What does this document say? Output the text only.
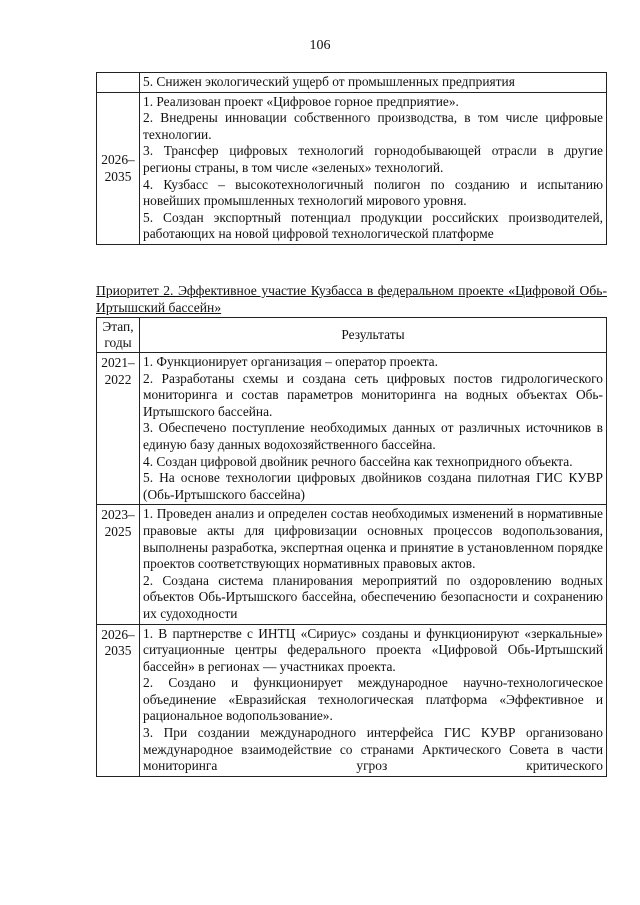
106

	5. Снижен экологический ущерб от промышленных предприятия

2026–2035	1. Реализован проект «Цифровое горное предприятие».

2. Внедрены инновации собственного производства, в том числе цифровые технологии.

3. Трансфер цифровых технологий горнодобывающей отрасли в другие регионы страны, в том числе «зеленых» технологий.

4. Кузбасс – высокотехнологичный полигон по созданию и испытанию новейших промышленных технологий мирового уровня.

5. Создан экспортный потенциал продукции российских производителей, работающих на новой цифровой технологической платформе

Приоритет 2. Эффективное участие Кузбасса в федеральном проекте «Цифровой Обь-Иртышский бассейн»
Этап, годы	Результаты
2021–2022	1. Функционирует организация – оператор проекта.

2. Разработаны схемы и создана сеть цифровых постов гидрологического мониторинга и состав параметров мониторинга на водных объектах Обь-Иртышского бассейна.

3. Обеспечено поступление необходимых данных от различных источников в единую базу данных водохозяйственного бассейна.

4. Создан цифровой двойник речного бассейна как технопридного объекта.

5. На основе технологии цифровых двойников создана пилотная ГИС КУВР (Обь-Иртышского бассейна)

2023–2025	1. Проведен анализ и определен состав необходимых изменений в нормативные правовые акты для цифровизации основных процессов водопользования, выполнены разработка, экспертная оценка и принятие в установленном порядке проектов соответствующих нормативных правовых актов.

2. Создана система планирования мероприятий по оздоровлению водных объектов Обь-Иртышского бассейна, обеспечению безопасности и сохранению их судоходности

2026–2035	1. В партнерстве с ИНТЦ «Сириус» созданы и функционируют «зеркальные» ситуационные центры федерального проекта «Цифровой Обь-Иртышский бассейн» в регионах — участниках проекта.

2. Создано и функционирует международное научно-технологическое объединение «Евразийская технологическая платформа «Эффективное и рациональное водопользование».

3. При создании международного интерфейса ГИС КУВР организовано международное взаимодействие со странами Арктического Совета в части мониторинга угроз критического
